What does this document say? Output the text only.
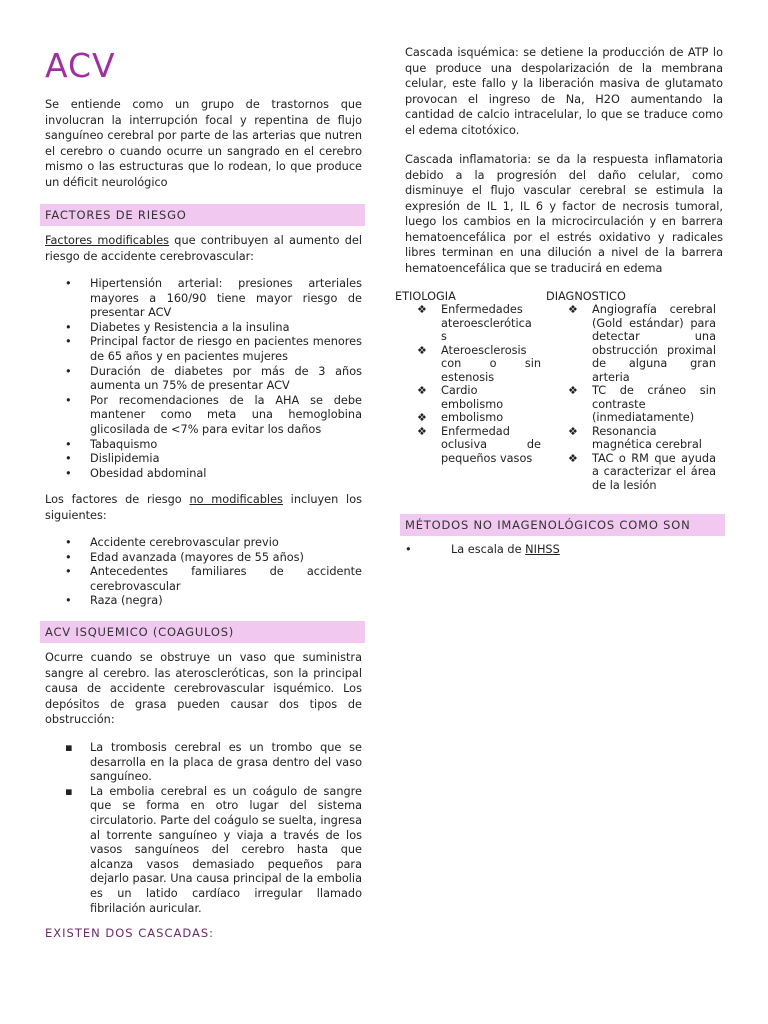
ACV

Se entiende como un grupo de trastornos que involucran la interrupción focal y repentina de flujo sanguíneo cerebral por parte de las arterias que nutren el cerebro o cuando ocurre un sangrado en el cerebro mismo o las estructuras que lo rodean, lo que produce un déficit neurológico

FACTORES DE RIESGO

Factores modificables que contribuyen al aumento del riesgo de accidente cerebrovascular:

• Hipertensión arterial: presiones arteriales mayores a 160/90 tiene mayor riesgo de presentar ACV
• Diabetes y Resistencia a la insulina
• Principal factor de riesgo en pacientes menores de 65 años y en pacientes mujeres
• Duración de diabetes por más de 3 años aumenta un 75% de presentar ACV
• Por recomendaciones de la AHA se debe mantener como meta una hemoglobina glicosilada de <7% para evitar los daños
• Tabaquismo
• Dislipidemia
• Obesidad abdominal

Los factores de riesgo no modificables incluyen los siguientes:

• Accidente cerebrovascular previo
• Edad avanzada (mayores de 55 años)
• Antecedentes familiares de accidente cerebrovascular
• Raza (negra)
ACV ISQUEMICO (COAGULOS)

Ocurre cuando se obstruye un vaso que suministra sangre al cerebro. las ateroscleróticas, son la principal causa de accidente cerebrovascular isquémico. Los depósitos de grasa pueden causar dos tipos de obstrucción:

▪ La trombosis cerebral es un trombo que se desarrolla en la placa de grasa dentro del vaso sanguíneo.
▪ La embolia cerebral es un coágulo de sangre que se forma en otro lugar del sistema circulatorio. Parte del coágulo se suelta, ingresa al torrente sanguíneo y viaja a través de los vasos sanguíneos del cerebro hasta que alcanza vasos demasiado pequeños para dejarlo pasar. Una causa principal de la embolia es un latido cardíaco irregular llamado fibrilación auricular.
EXISTEN DOS CASCADAS:

Cascada isquémica: se detiene la producción de ATP lo que produce una despolarización de la membrana celular, este fallo y la liberación masiva de glutamato provocan el ingreso de Na, H2O aumentando la cantidad de calcio intracelular, lo que se traduce como el edema citotóxico.

Cascada inflamatoria: se da la respuesta inflamatoria debido a la progresión del daño celular, como disminuye el flujo vascular cerebral se estimula la expresión de IL 1, IL 6 y factor de necrosis tumoral, luego los cambios en la microcirculación y en barrera hematoencefálica por el estrés oxidativo y radicales libres terminan en una dilución a nivel de la barrera hematoencefálica que se traducirá en edema

ETIOLOGIA
❖ Enfermedades ateroesclerótica s
❖ Ateroesclerosis con o sin estenosis
❖ Cardio embolismo
❖ embolismo
❖ Enfermedad oclusiva de pequeños vasos
DIAGNOSTICO
❖ Angiografía cerebral (Gold estándar) para detectar una obstrucción proximal de alguna gran arteria
❖ TC de cráneo sin contraste (inmediatamente)
❖ Resonancia magnética cerebral
❖ TAC o RM que ayuda a caracterizar el área de la lesión
MÉTODOS NO IMAGENOLÓGICOS COMO SON
•	La escala de NIHSS
